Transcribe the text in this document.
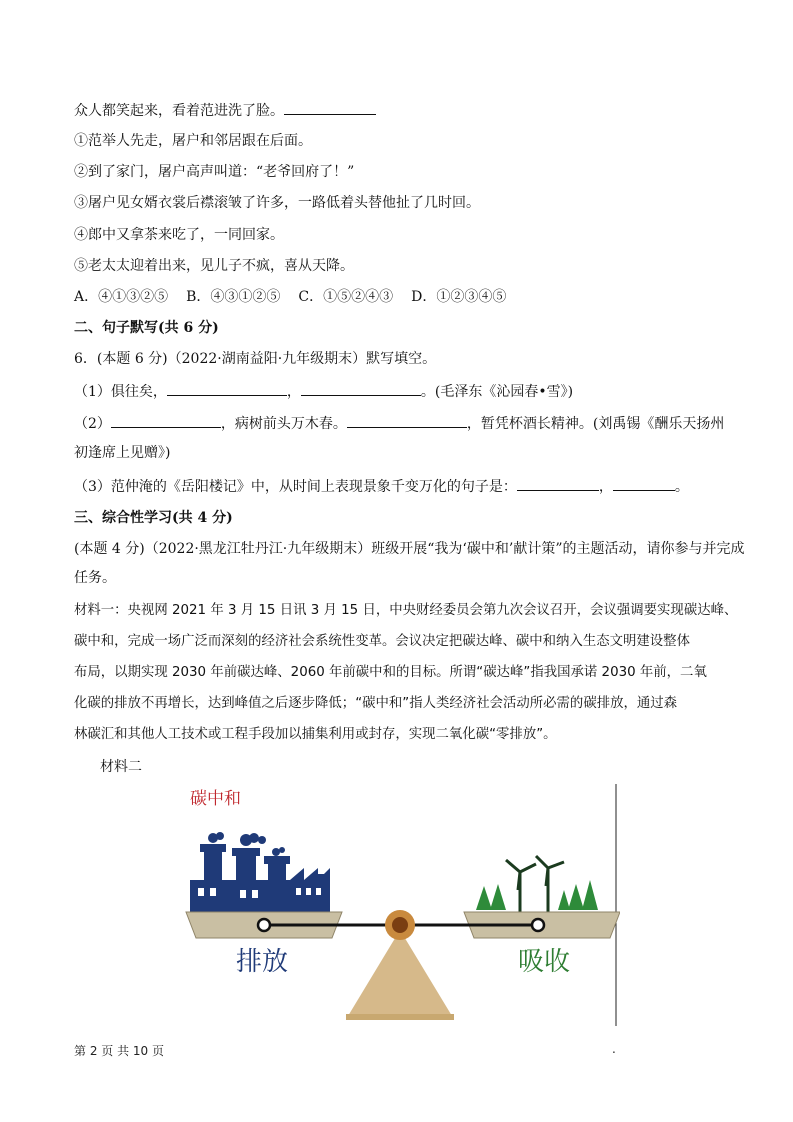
众人都笑起来，看着范进洗了脸。
①范举人先走，屠户和邻居跟在后面。
②到了家门，屠户高声叫道：“老爷回府了！”
③屠户见女婿衣裳后襟滚皱了许多，一路低着头替他扯了几时回。
④郎中又拿茶来吃了，一同回家。
⑤老太太迎着出来，见儿子不疯，喜从天降。
A．④①③②⑤ B．④③①②⑤ C．①⑤②④③ D．①②③④⑤
二、句子默写(共 6 分)
6．(本题 6 分)（2022·湖南益阳·九年级期末）默写填空。
（1）俱往矣，	，	。(毛泽东《沁园春•雪》)
（2）	，病树前头万木春。	，暂凭杯酒长精神。(刘禹锡《酬乐天扬州
初逢席上见赠》)
（3）范仲淹的《岳阳楼记》中，从时间上表现景象千变万化的句子是：	，	。
三、综合性学习(共 4 分)
(本题 4 分)（2022·黑龙江牡丹江·九年级期末）班级开展“我为‘碳中和’献计策”的主题活动，请你参与并完成
任务。
材料一：央视网 2021 年 3 月 15 日讯 3 月 15 日，中央财经委员会第九次会议召开，会议强调要实现碳达峰、
碳中和，完成一场广泛而深刻的经济社会系统性变革。会议决定把碳达峰、碳中和纳入生态文明建设整体
布局，以期实现 2030 年前碳达峰、2060 年前碳中和的目标。所谓“碳达峰”指我国承诺 2030 年前，二氧
化碳的排放不再增长，达到峰值之后逐步降低；“碳中和”指人类经济社会活动所必需的碳排放，通过森
林碳汇和其他人工技术或工程手段加以捕集利用或封存，实现二氧化碳“零排放”。
材料二
碳中和
排放	吸收
第 2 页 共 10 页	.
